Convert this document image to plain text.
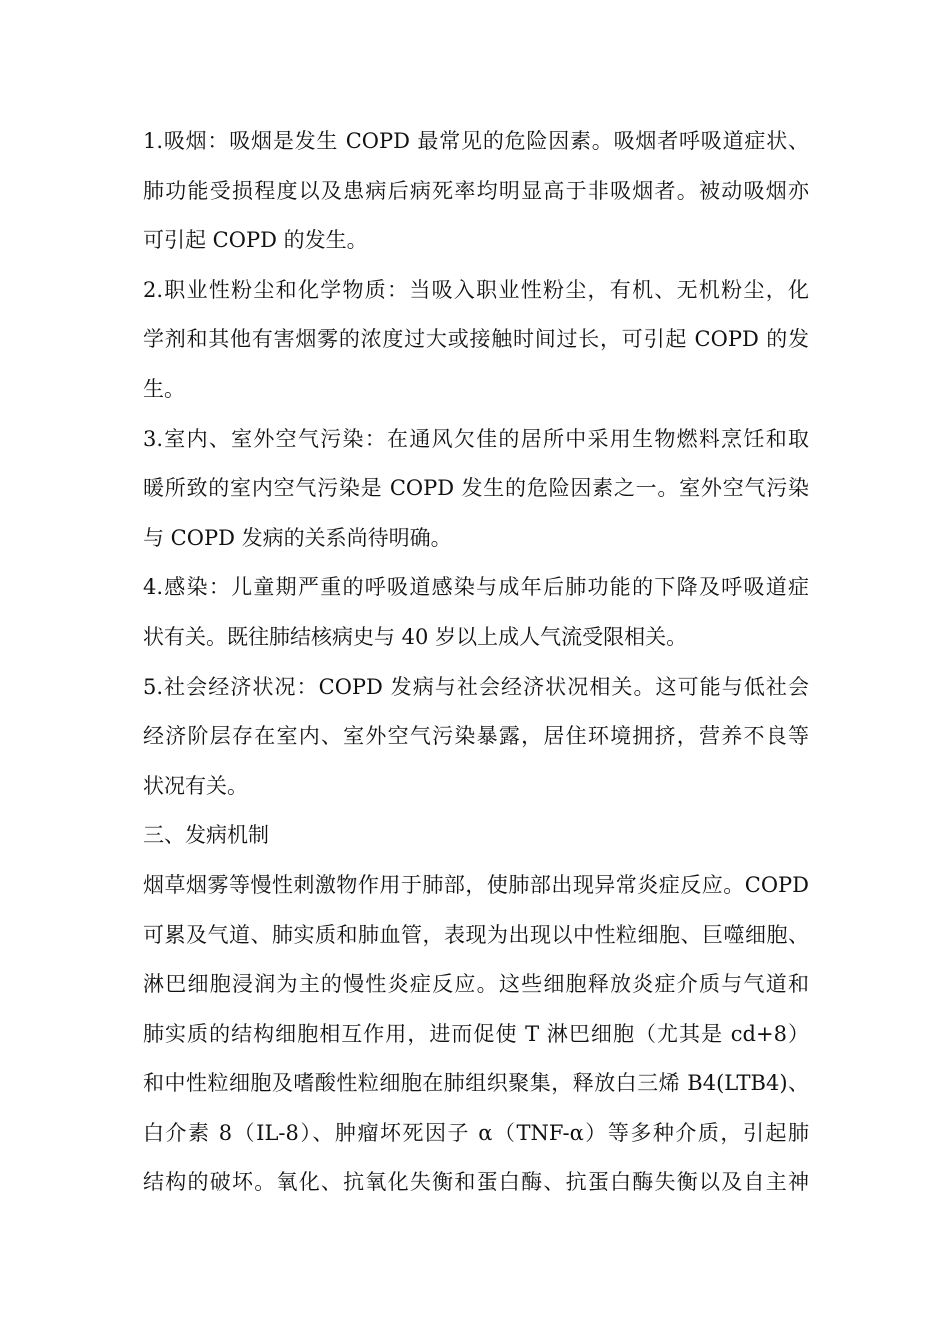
1.吸烟：吸烟是发生 COPD 最常见的危险因素。吸烟者呼吸道症状、
肺功能受损程度以及患病后病死率均明显高于非吸烟者。被动吸烟亦
可引起 COPD 的发生。
2.职业性粉尘和化学物质：当吸入职业性粉尘，有机、无机粉尘，化
学剂和其他有害烟雾的浓度过大或接触时间过长，可引起 COPD 的发
生。
3.室内、室外空气污染：在通风欠佳的居所中采用生物燃料烹饪和取
暖所致的室内空气污染是 COPD 发生的危险因素之一。室外空气污染
与 COPD 发病的关系尚待明确。
4.感染：儿童期严重的呼吸道感染与成年后肺功能的下降及呼吸道症
状有关。既往肺结核病史与 40 岁以上成人气流受限相关。
5.社会经济状况：COPD 发病与社会经济状况相关。这可能与低社会
经济阶层存在室内、室外空气污染暴露，居住环境拥挤，营养不良等
状况有关。
三、发病机制
烟草烟雾等慢性刺激物作用于肺部，使肺部出现异常炎症反应。COPD
可累及气道、肺实质和肺血管，表现为出现以中性粒细胞、巨噬细胞、
淋巴细胞浸润为主的慢性炎症反应。这些细胞释放炎症介质与气道和
肺实质的结构细胞相互作用，进而促使 T 淋巴细胞（尤其是 cd+8）
和中性粒细胞及嗜酸性粒细胞在肺组织聚集，释放白三烯 B4(LTB4)、
白介素 8（IL-8）、肿瘤坏死因子 α（TNF-α）等多种介质，引起肺
结构的破坏。氧化、抗氧化失衡和蛋白酶、抗蛋白酶失衡以及自主神
